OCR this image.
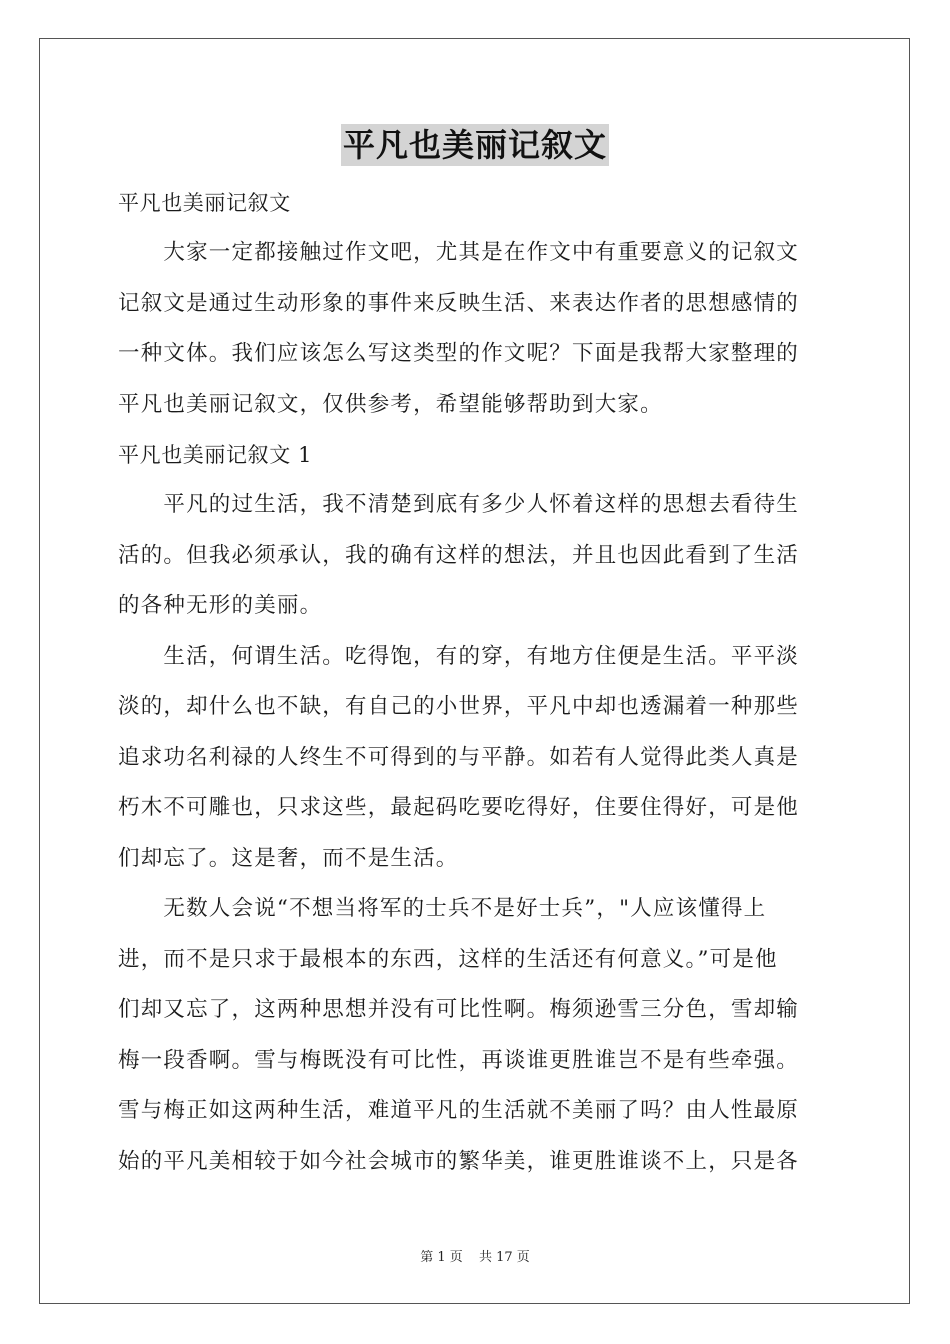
平凡也美丽记叙文
平凡也美丽记叙文
　　大家一定都接触过作文吧，尤其是在作文中有重要意义的记叙文
记叙文是通过生动形象的事件来反映生活、来表达作者的思想感情的
一种文体。我们应该怎么写这类型的作文呢？下面是我帮大家整理的
平凡也美丽记叙文，仅供参考，希望能够帮助到大家。
平凡也美丽记叙文 1
　　平凡的过生活，我不清楚到底有多少人怀着这样的思想去看待生
活的。但我必须承认，我的确有这样的想法，并且也因此看到了生活
的各种无形的美丽。
　　生活，何谓生活。吃得饱，有的穿，有地方住便是生活。平平淡
淡的，却什么也不缺，有自己的小世界，平凡中却也透漏着一种那些
追求功名利禄的人终生不可得到的与平静。如若有人觉得此类人真是
朽木不可雕也，只求这些，最起码吃要吃得好，住要住得好，可是他
们却忘了。这是奢，而不是生活。
　　无数人会说“不想当将军的士兵不是好士兵”，"人应该懂得上
进，而不是只求于最根本的东西，这样的生活还有何意义。”可是他
们却又忘了，这两种思想并没有可比性啊。梅须逊雪三分色，雪却输
梅一段香啊。雪与梅既没有可比性，再谈谁更胜谁岂不是有些牵强。
雪与梅正如这两种生活，难道平凡的生活就不美丽了吗？由人性最原
始的平凡美相较于如今社会城市的繁华美，谁更胜谁谈不上，只是各
第 1 页 共 17 页
